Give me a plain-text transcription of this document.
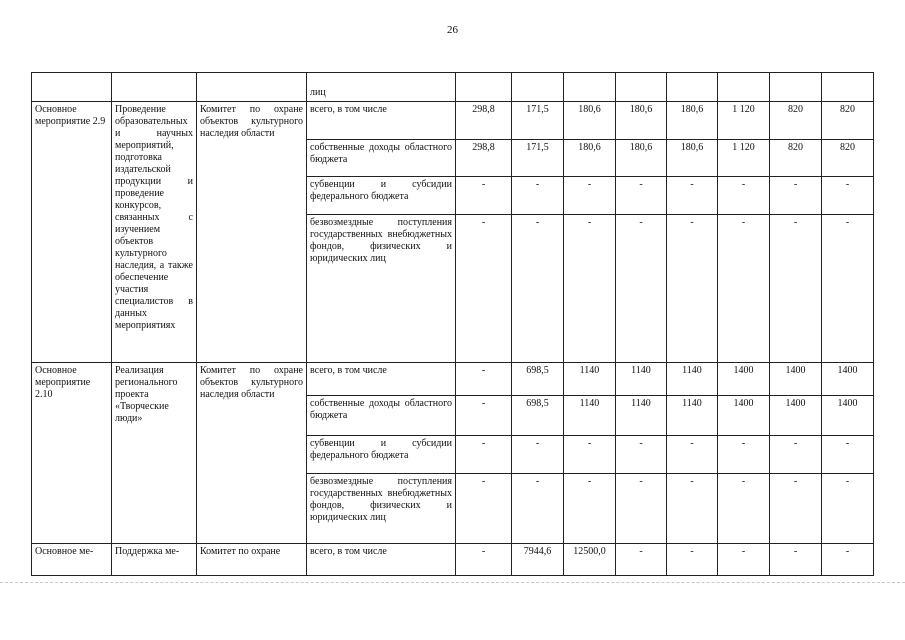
26
			лиц								
Основное мероприятие 2.9	Проведение образовательных и научных мероприятий, подготовка издательской продукции и проведение конкурсов, связанных с изучением объектов культурного наследия, а также обеспечение участия специалистов в данных мероприятиях	Комитет по охране объектов культурного наследия области	всего, в том числе	298,8	171,5	180,6	180,6	180,6	1 120	820	820
			собственные доходы областного бюджета	298,8	171,5	180,6	180,6	180,6	1 120	820	820
			субвенции и субсидии федерального бюджета	-	-	-	-	-	-	-	-
			безвозмездные поступления государственных внебюджетных фондов, физических и юридических лиц	-	-	-	-	-	-	-	-
Основное мероприятие 2.10	Реализация регионального проекта «Творческие люди»	Комитет по охране объектов культурного наследия области	всего, в том числе	-	698,5	1140	1140	1140	1400	1400	1400
			собственные доходы областного бюджета	-	698,5	1140	1140	1140	1400	1400	1400
			субвенции и субсидии федерального бюджета	-	-	-	-	-	-	-	-
			безвозмездные поступления государственных внебюджетных фондов, физических и юридических лиц	-	-	-	-	-	-	-	-
Основное ме-	Поддержка ме-	Комитет по охране	всего, в том числе	-	7944,6	12500,0	-	-	-	-	-
